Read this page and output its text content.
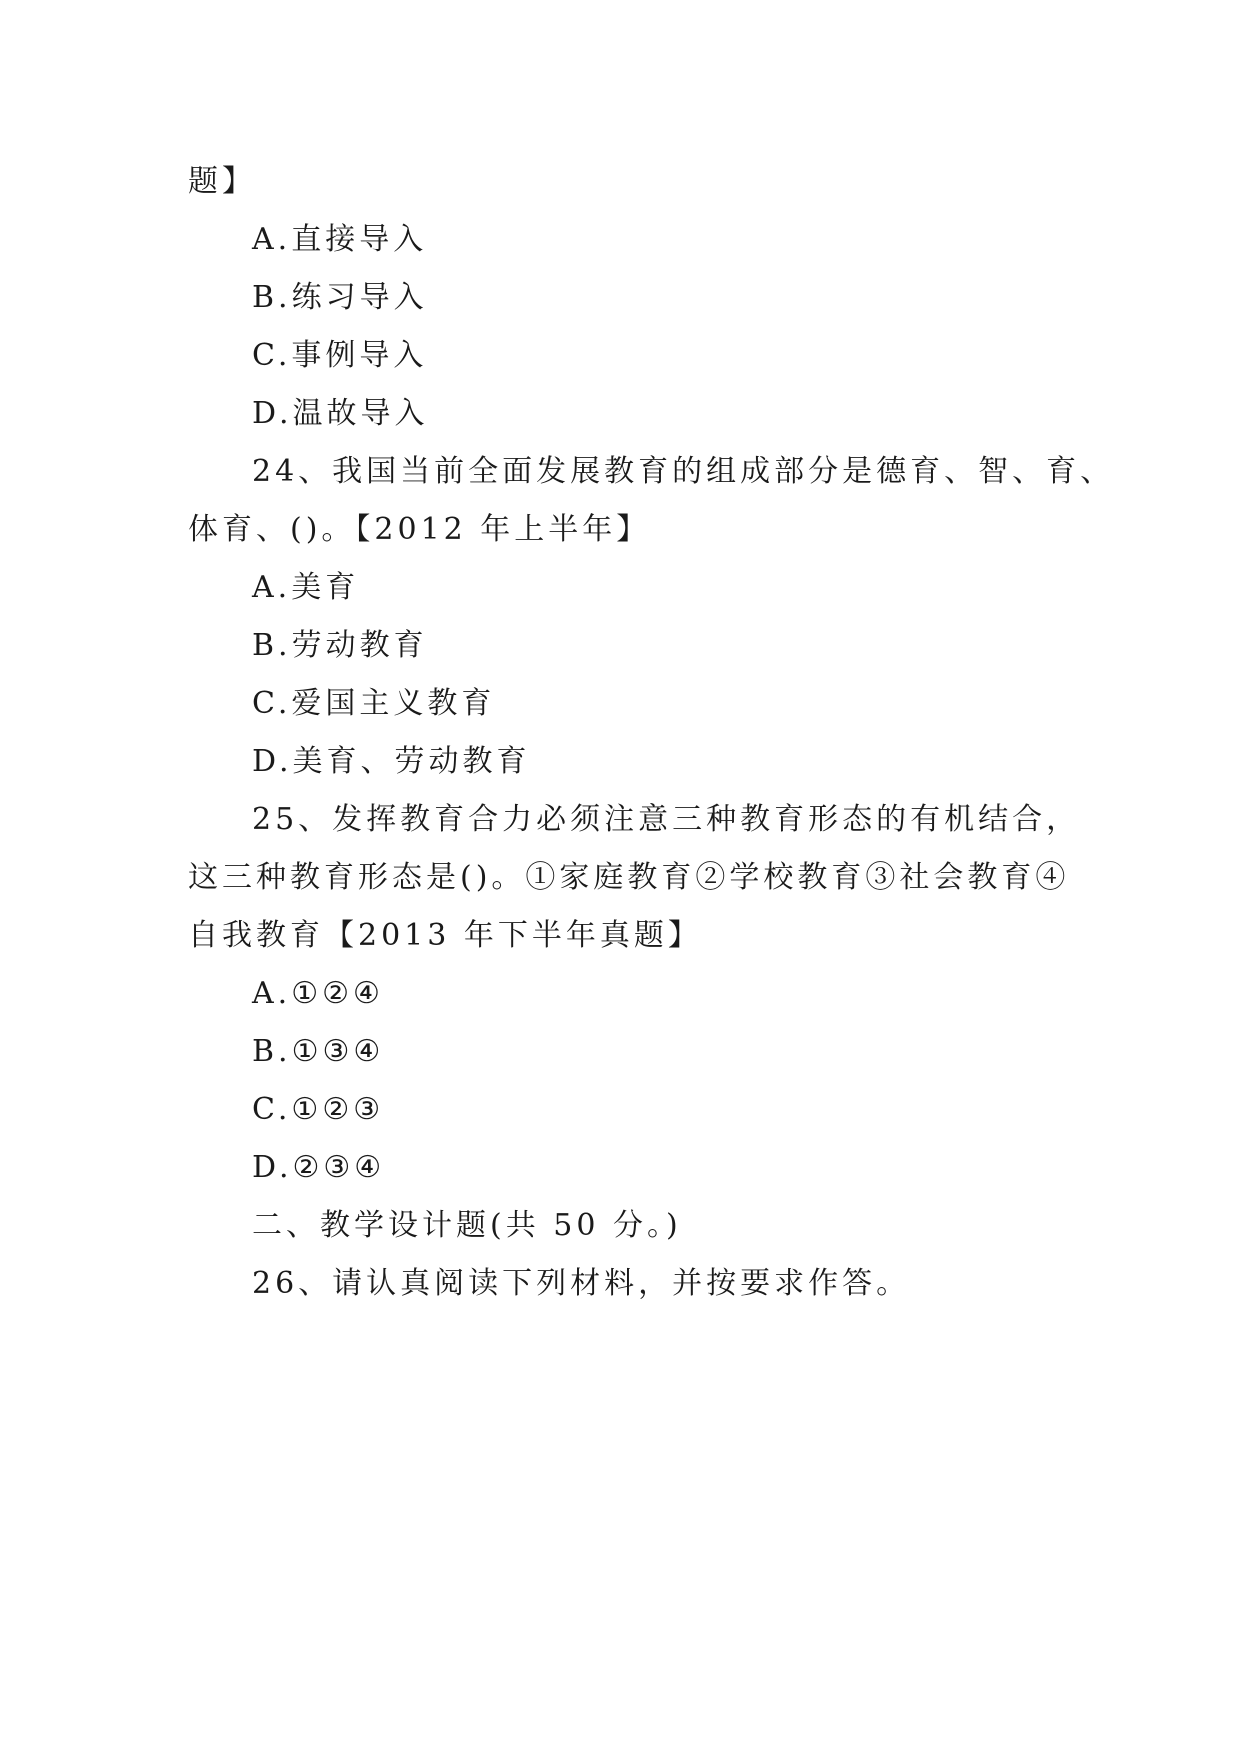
题】
A.直接导入
B.练习导入
C.事例导入
D.温故导入
24、我国当前全面发展教育的组成部分是德育、智、育、
体育、()。【2012 年上半年】
A.美育
B.劳动教育
C.爱国主义教育
D.美育、劳动教育
25、发挥教育合力必须注意三种教育形态的有机结合，
这三种教育形态是()。①家庭教育②学校教育③社会教育④
自我教育【2013 年下半年真题】
A.①②④
B.①③④
C.①②③
D.②③④
二、教学设计题(共 50 分。)
26、请认真阅读下列材料，并按要求作答。
